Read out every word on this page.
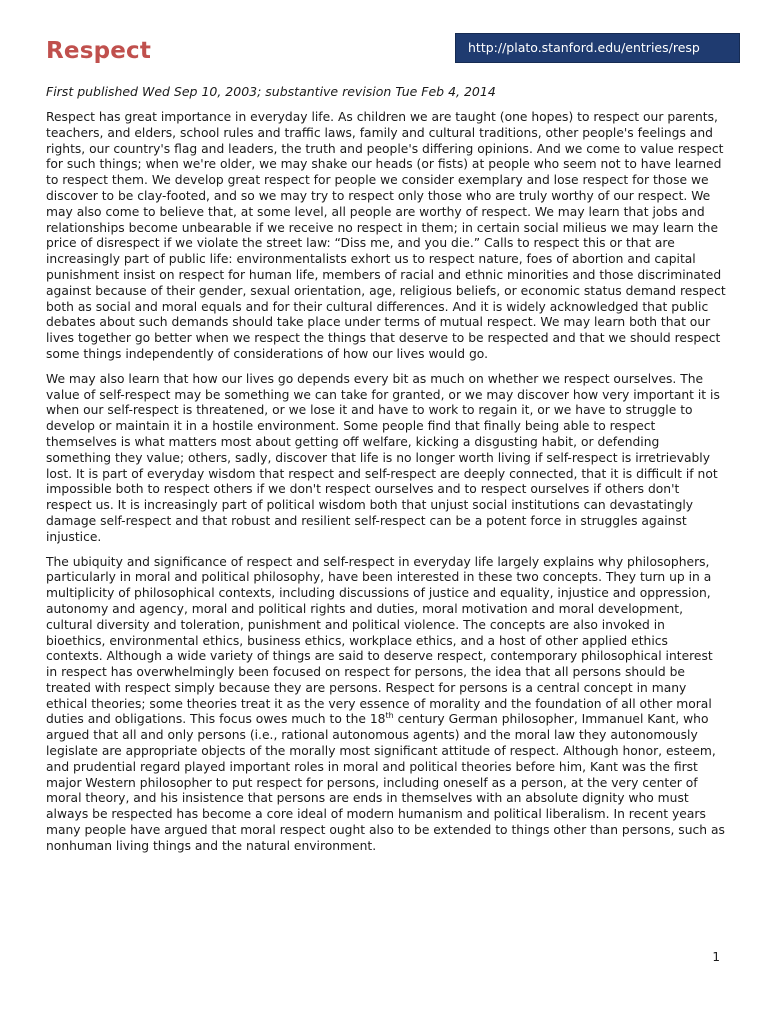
Respect	http://plato.stanford.edu/entries/resp

First published Wed Sep 10, 2003; substantive revision Tue Feb 4, 2014

Respect has great importance in everyday life. As children we are taught (one hopes) to respect our parents, teachers, and elders, school rules and traffic laws, family and cultural traditions, other people's feelings and rights, our country's flag and leaders, the truth and people's differing opinions. And we come to value respect for such things; when we're older, we may shake our heads (or fists) at people who seem not to have learned to respect them. We develop great respect for people we consider exemplary and lose respect for those we discover to be clay-footed, and so we may try to respect only those who are truly worthy of our respect. We may also come to believe that, at some level, all people are worthy of respect. We may learn that jobs and relationships become unbearable if we receive no respect in them; in certain social milieus we may learn the price of disrespect if we violate the street law: “Diss me, and you die.” Calls to respect this or that are increasingly part of public life: environmentalists exhort us to respect nature, foes of abortion and capital punishment insist on respect for human life, members of racial and ethnic minorities and those discriminated against because of their gender, sexual orientation, age, religious beliefs, or economic status demand respect both as social and moral equals and for their cultural differences. And it is widely acknowledged that public debates about such demands should take place under terms of mutual respect. We may learn both that our lives together go better when we respect the things that deserve to be respected and that we should respect some things independently of considerations of how our lives would go.

We may also learn that how our lives go depends every bit as much on whether we respect ourselves. The value of self-respect may be something we can take for granted, or we may discover how very important it is when our self-respect is threatened, or we lose it and have to work to regain it, or we have to struggle to develop or maintain it in a hostile environment. Some people find that finally being able to respect themselves is what matters most about getting off welfare, kicking a disgusting habit, or defending something they value; others, sadly, discover that life is no longer worth living if self-respect is irretrievably lost. It is part of everyday wisdom that respect and self-respect are deeply connected, that it is difficult if not impossible both to respect others if we don't respect ourselves and to respect ourselves if others don't respect us. It is increasingly part of political wisdom both that unjust social institutions can devastatingly damage self-respect and that robust and resilient self-respect can be a potent force in struggles against injustice.

The ubiquity and significance of respect and self-respect in everyday life largely explains why philosophers, particularly in moral and political philosophy, have been interested in these two concepts. They turn up in a multiplicity of philosophical contexts, including discussions of justice and equality, injustice and oppression, autonomy and agency, moral and political rights and duties, moral motivation and moral development, cultural diversity and toleration, punishment and political violence. The concepts are also invoked in bioethics, environmental ethics, business ethics, workplace ethics, and a host of other applied ethics contexts. Although a wide variety of things are said to deserve respect, contemporary philosophical interest in respect has overwhelmingly been focused on respect for persons, the idea that all persons should be treated with respect simply because they are persons. Respect for persons is a central concept in many ethical theories; some theories treat it as the very essence of morality and the foundation of all other moral duties and obligations. This focus owes much to the 18th century German philosopher, Immanuel Kant, who argued that all and only persons (i.e., rational autonomous agents) and the moral law they autonomously legislate are appropriate objects of the morally most significant attitude of respect. Although honor, esteem, and prudential regard played important roles in moral and political theories before him, Kant was the first major Western philosopher to put respect for persons, including oneself as a person, at the very center of moral theory, and his insistence that persons are ends in themselves with an absolute dignity who must always be respected has become a core ideal of modern humanism and political liberalism. In recent years many people have argued that moral respect ought also to be extended to things other than persons, such as nonhuman living things and the natural environment.

1
